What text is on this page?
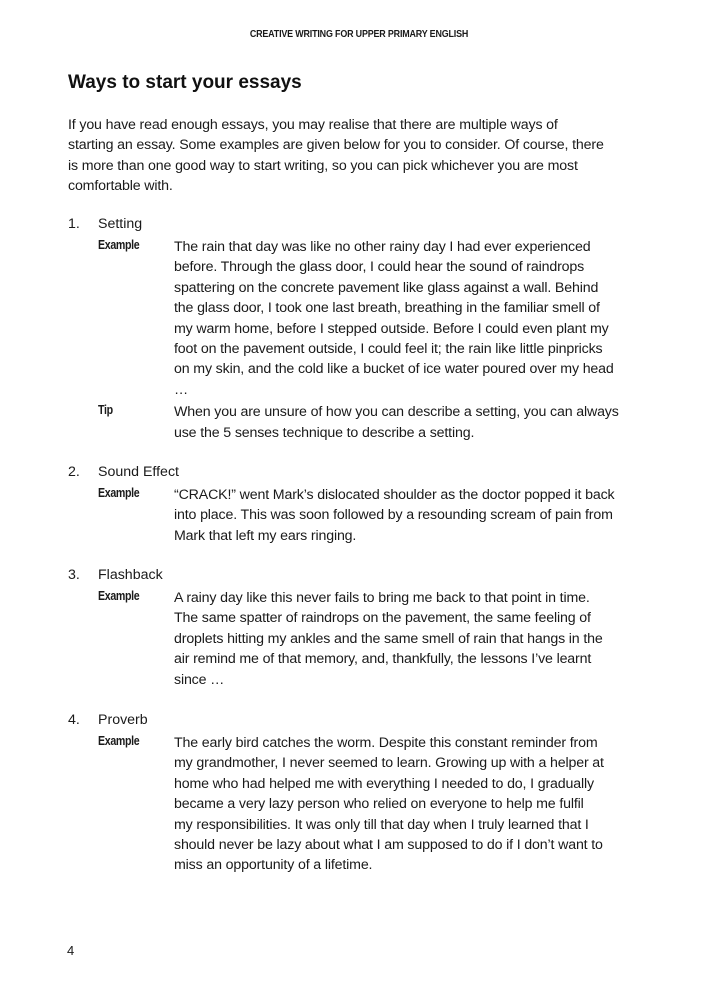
CREATIVE WRITING FOR UPPER PRIMARY ENGLISH
Ways to start your essays
If you have read enough essays, you may realise that there are multiple ways of
starting an essay. Some examples are given below for you to consider. Of course, there
is more than one good way to start writing, so you can pick whichever you are most
comfortable with.
1. Setting
Example The rain that day was like no other rainy day I had ever experienced
before. Through the glass door, I could hear the sound of raindrops
spattering on the concrete pavement like glass against a wall. Behind
the glass door, I took one last breath, breathing in the familiar smell of
my warm home, before I stepped outside. Before I could even plant my
foot on the pavement outside, I could feel it; the rain like little pinpricks
on my skin, and the cold like a bucket of ice water poured over my head
…
Tip	When you are unsure of how you can describe a setting, you can always
use the 5 senses technique to describe a setting.
2. Sound Effect
Example “CRACK!” went Mark’s dislocated shoulder as the doctor popped it back
into place. This was soon followed by a resounding scream of pain from
Mark that left my ears ringing.
3. Flashback
Example A rainy day like this never fails to bring me back to that point in time.
The same spatter of raindrops on the pavement, the same feeling of
droplets hitting my ankles and the same smell of rain that hangs in the
air remind me of that memory, and, thankfully, the lessons I’ve learnt
since …
4. Proverb
Example The early bird catches the worm. Despite this constant reminder from
my grandmother, I never seemed to learn. Growing up with a helper at
home who had helped me with everything I needed to do, I gradually
became a very lazy person who relied on everyone to help me fulfil
my responsibilities. It was only till that day when I truly learned that I
should never be lazy about what I am supposed to do if I don’t want to
miss an opportunity of a lifetime.
4
